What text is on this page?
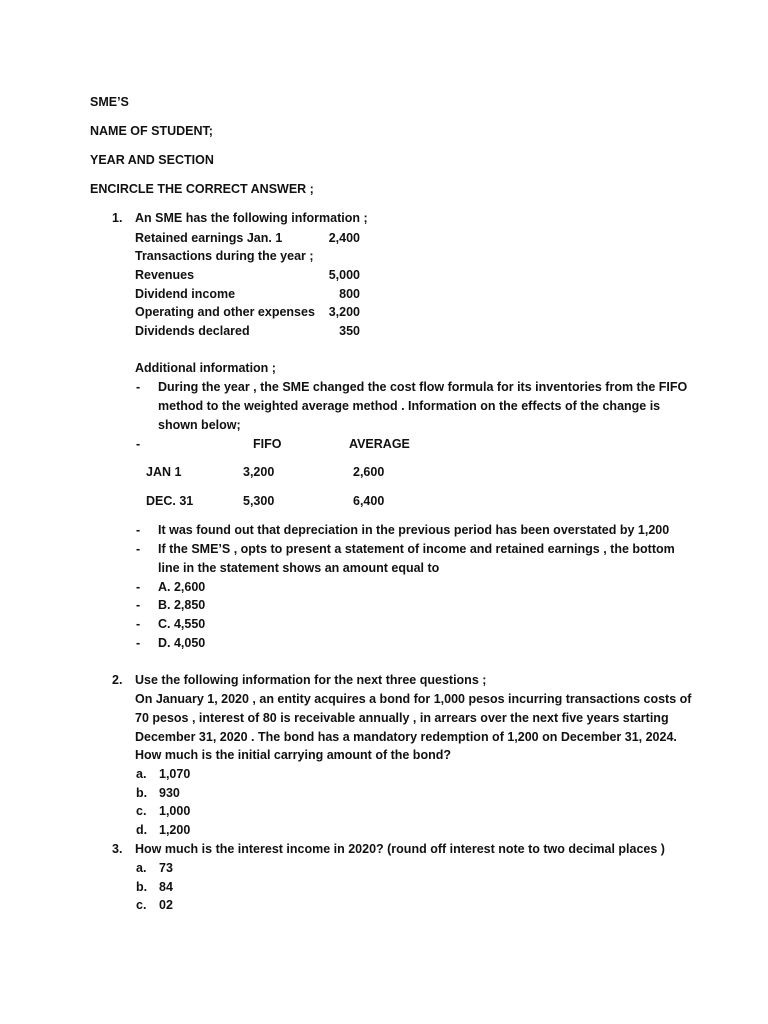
SME’S
NAME OF STUDENT;
YEAR AND SECTION
ENCIRCLE THE CORRECT ANSWER ;
1. An SME has the following information ;
Retained earnings Jan. 1	2,400
Transactions during the year ;
Revenues	5,000
Dividend income	800
Operating and other expenses	3,200
Dividends declared	350
Additional information ;
- During the year , the SME changed the cost flow formula for its inventories from the FIFO
method to the weighted average method . Information on the effects of the change is
shown below;
-	FIFO	AVERAGE
JAN 1	3,200	2,600
DEC. 31	5,300	6,400
- It was found out that depreciation in the previous period has been overstated by 1,200
- If the SME’S , opts to present a statement of income and retained earnings , the bottom
line in the statement shows an amount equal to
- A. 2,600
- B. 2,850
- C. 4,550
- D. 4,050
2. Use the following information for the next three questions ;
On January 1, 2020 , an entity acquires a bond for 1,000 pesos incurring transactions costs of
70 pesos , interest of 80 is receivable annually , in arrears over the next five years starting
December 31, 2020 . The bond has a mandatory redemption of 1,200 on December 31, 2024.
How much is the initial carrying amount of the bond?
a. 1,070
b. 930
c. 1,000
d. 1,200
3. How much is the interest income in 2020? (round off interest note to two decimal places )
a. 73
b. 84
c. 02
